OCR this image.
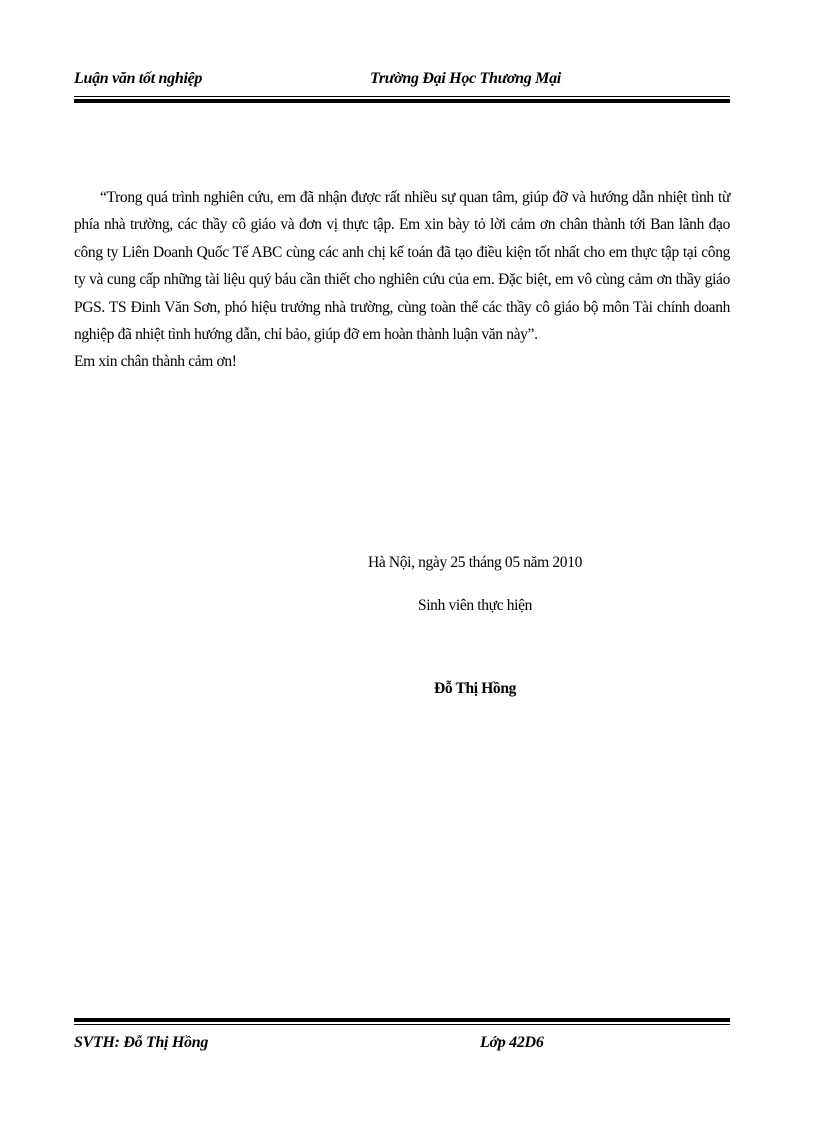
Luận văn tốt nghiệp	Trường Đại Học Thương Mại

“Trong quá trình nghiên cứu, em đã nhận được rất nhiều sự quan tâm, giúp đỡ và hướng dẫn nhiệt tình từ phía nhà trường, các thầy cô giáo và đơn vị thực tập. Em xin bày tỏ lời cảm ơn chân thành tới Ban lãnh đạo công ty Liên Doanh Quốc Tế ABC cùng các anh chị kế toán đã tạo điều kiện tốt nhất cho em thực tập tại công ty và cung cấp những tài liệu quý báu cần thiết cho nghiên cứu của em. Đặc biệt, em vô cùng cảm ơn thầy giáo PGS. TS Đinh Văn Sơn, phó hiệu trưởng nhà trường, cùng toàn thể các thầy cô giáo bộ môn Tài chính doanh nghiệp đã nhiệt tình hướng dẫn, chỉ bảo, giúp đỡ em hoàn thành luận văn này”.

Em xin chân thành cảm ơn!

Hà Nội, ngày 25 tháng 05 năm 2010
Sinh viên thực hiện
Đỗ Thị Hồng
SVTH: Đỗ Thị Hồng	Lớp 42D6
